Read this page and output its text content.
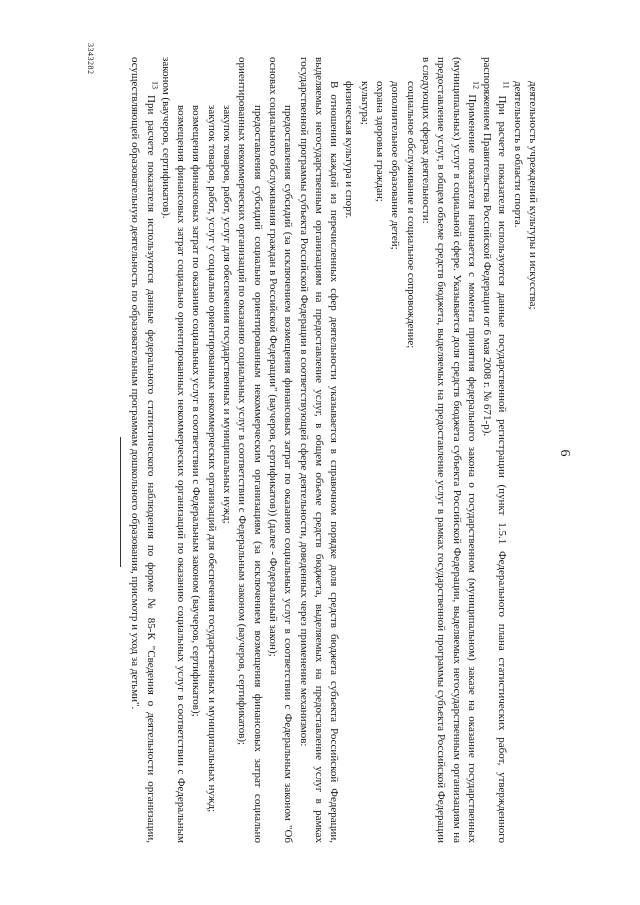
6

деятельность учреждений культуры и искусства;

деятельность в области спорта.

$^{11}$ При расчете показателя используются данные государственной регистрации (пункт 1.5.1 Федерального плана статистических работ, утвержденного распоряжением Правительства Российской Федерации от 6 мая 2008 г. № 671-р).

$^{12}$ Применение показателя начинается с момента принятия федерального закона о государственном (муниципальном) заказе на оказание государственных (муниципальных) услуг в социальной сфере. Указывается доля средств бюджета субъекта Российской Федерации, выделяемых негосударственным организациям на предоставление услуг, в общем объеме средств бюджета, выделяемых на предоставление услуг в рамках государственной программы субъекта Российской Федерации в следующих сферах деятельности:

социальное обслуживание и социальное сопровождение;

дополнительное образование детей;

охрана здоровья граждан;

культура;

физическая культура и спорт.

В отношении каждой из перечисленных сфер деятельности указывается в справочном порядке доля средств бюджета субъекта Российской Федерации, выделяемых негосударственным организациям на предоставление услуг, в общем объеме средств бюджета, выделяемых на предоставление услуг в рамках государственной программы субъекта Российской Федерации в соответствующей сфере деятельности, доведенных через применение механизмов:

предоставления субсидий (за исключением возмещения финансовых затрат по оказанию социальных услуг в соответствии с Федеральным законом "Об основах социального обслуживания граждан в Российской Федерации" (ваучеров, сертификатов)) (далее - Федеральный закон);

предоставления субсидий социально ориентированным некоммерческим организациям (за исключением возмещения финансовых затрат социально ориентированных некоммерческих организаций по оказанию социальных услуг в соответствии с Федеральным законом (ваучеров, сертификатов);

закупок товаров, работ, услуг для обеспечения государственных и муниципальных нужд;

закупок товаров, работ, услуг у социально ориентированных некоммерческих организаций для обеспечения государственных и муниципальных нужд;

возмещения финансовых затрат по оказанию социальных услуг в соответствии с Федеральным законом (ваучеров, сертификатов);

возмещения финансовых затрат социально ориентированных некоммерческих организаций по оказанию социальных услуг в соответствии с Федеральным законом (ваучеров, сертификатов).

$^{13}$ При расчете показателя используются данные федерального статистического наблюдения по форме № 85-К "Сведения о деятельности организации, осуществляющей образовательную деятельность по образовательным программам дошкольного образования, присмотр и уход за детьми".

3343282
